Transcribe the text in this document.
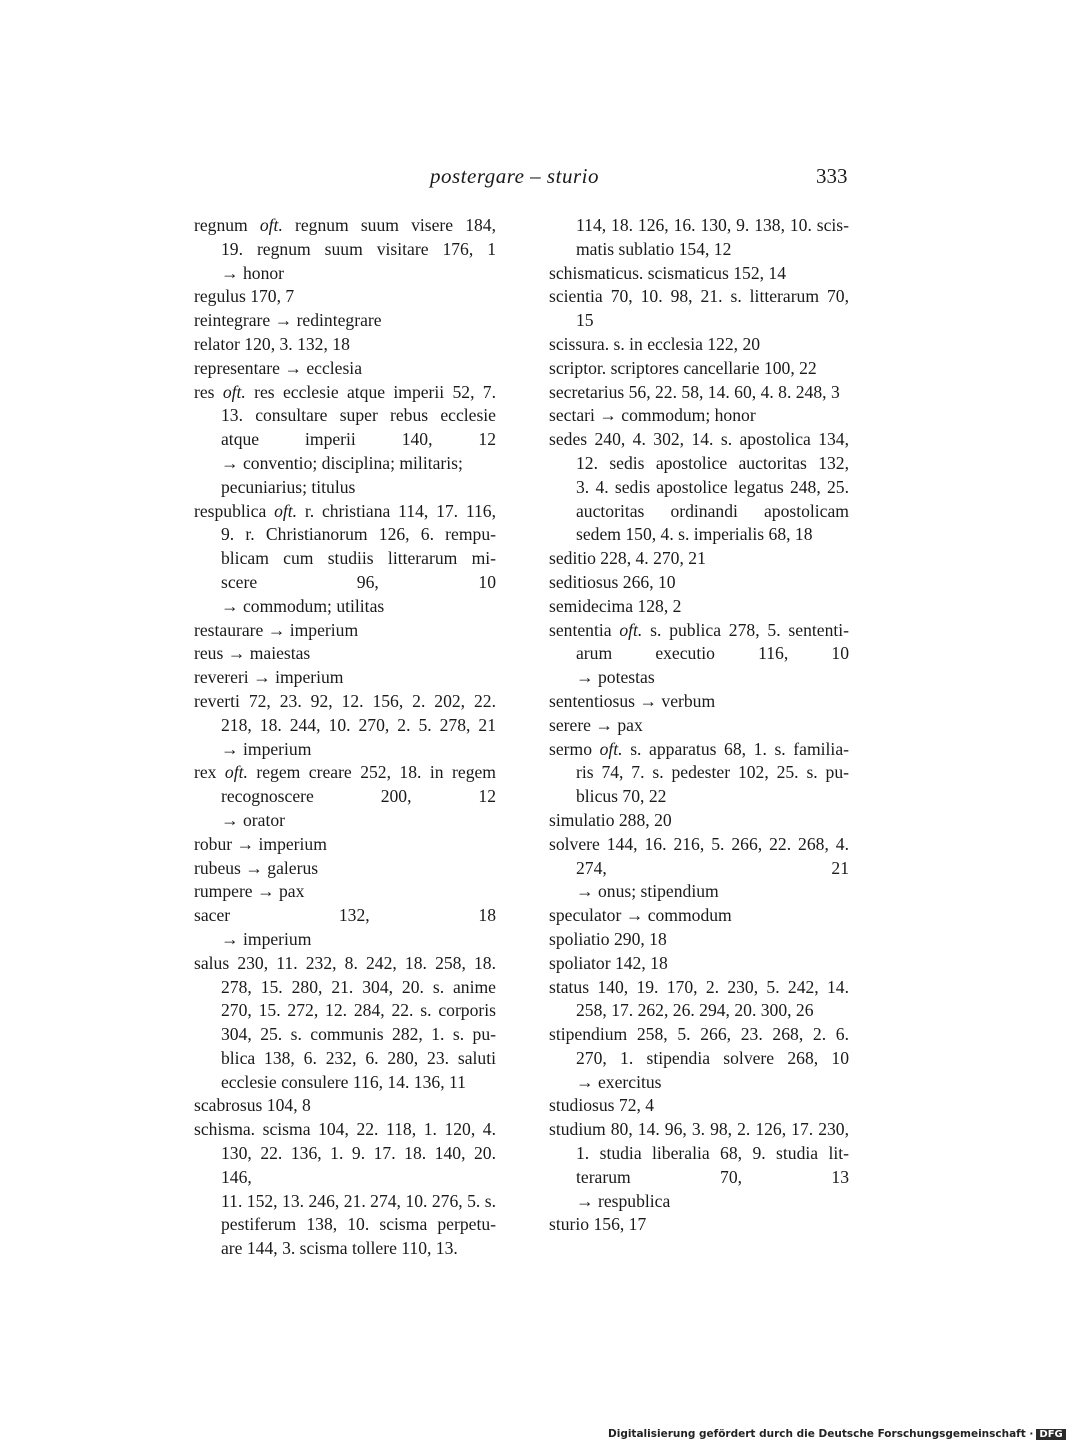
postergare – sturio	333
regnum oft. regnum suum visere 184,
19. regnum suum visitare 176, 1
→ honor
regulus 170, 7
reintegrare → redintegrare
relator 120, 3. 132, 18
representare → ecclesia
res oft. res ecclesie atque imperii 52, 7.
13. consultare super rebus ecclesie
atque imperii 140, 12
→ conventio; disciplina; militaris;
pecuniarius; titulus
respublica oft. r. christiana 114, 17. 116,
9. r. Christianorum 126, 6. rempu-
blicam cum studiis litterarum mi-
scere 96, 10
→ commodum; utilitas
restaurare → imperium
reus → maiestas
revereri → imperium
reverti 72, 23. 92, 12. 156, 2. 202, 22.
218, 18. 244, 10. 270, 2. 5. 278, 21
→ imperium
rex oft. regem creare 252, 18. in regem
recognoscere 200, 12
→ orator
robur → imperium
rubeus → galerus
rumpere → pax
sacer 132, 18
→ imperium
salus 230, 11. 232, 8. 242, 18. 258, 18.
278, 15. 280, 21. 304, 20. s. anime
270, 15. 272, 12. 284, 22. s. corporis
304, 25. s. communis 282, 1. s. pu-
blica 138, 6. 232, 6. 280, 23. saluti
ecclesie consulere 116, 14. 136, 11
scabrosus 104, 8
schisma. scisma 104, 22. 118, 1. 120, 4.
130, 22. 136, 1. 9. 17. 18. 140, 20. 146,
11. 152, 13. 246, 21. 274, 10. 276, 5. s.
pestiferum 138, 10. scisma perpetu-
are 144, 3. scisma tollere 110, 13.
114, 18. 126, 16. 130, 9. 138, 10. scis-
matis sublatio 154, 12
schismaticus. scismaticus 152, 14
scientia 70, 10. 98, 21. s. litterarum 70,
15
scissura. s. in ecclesia 122, 20
scriptor. scriptores cancellarie 100, 22
secretarius 56, 22. 58, 14. 60, 4. 8. 248, 3
sectari → commodum; honor
sedes 240, 4. 302, 14. s. apostolica 134,
12. sedis apostolice auctoritas 132,
3. 4. sedis apostolice legatus 248, 25.
auctoritas ordinandi apostolicam
sedem 150, 4. s. imperialis 68, 18
seditio 228, 4. 270, 21
seditiosus 266, 10
semidecima 128, 2
sententia oft. s. publica 278, 5. sententi-
arum executio 116, 10
→ potestas
sententiosus → verbum
serere → pax
sermo oft. s. apparatus 68, 1. s. familia-
ris 74, 7. s. pedester 102, 25. s. pu-
blicus 70, 22
simulatio 288, 20
solvere 144, 16. 216, 5. 266, 22. 268, 4.
274, 21
→ onus; stipendium
speculator → commodum
spoliatio 290, 18
spoliator 142, 18
status 140, 19. 170, 2. 230, 5. 242, 14.
258, 17. 262, 26. 294, 20. 300, 26
stipendium 258, 5. 266, 23. 268, 2. 6.
270, 1. stipendia solvere 268, 10
→ exercitus
studiosus 72, 4
studium 80, 14. 96, 3. 98, 2. 126, 17. 230,
1. studia liberalia 68, 9. studia lit-
terarum 70, 13
→ respublica
sturio 156, 17
Digitalisierung gefördert durch die Deutsche Forschungsgemeinschaft · DFG
